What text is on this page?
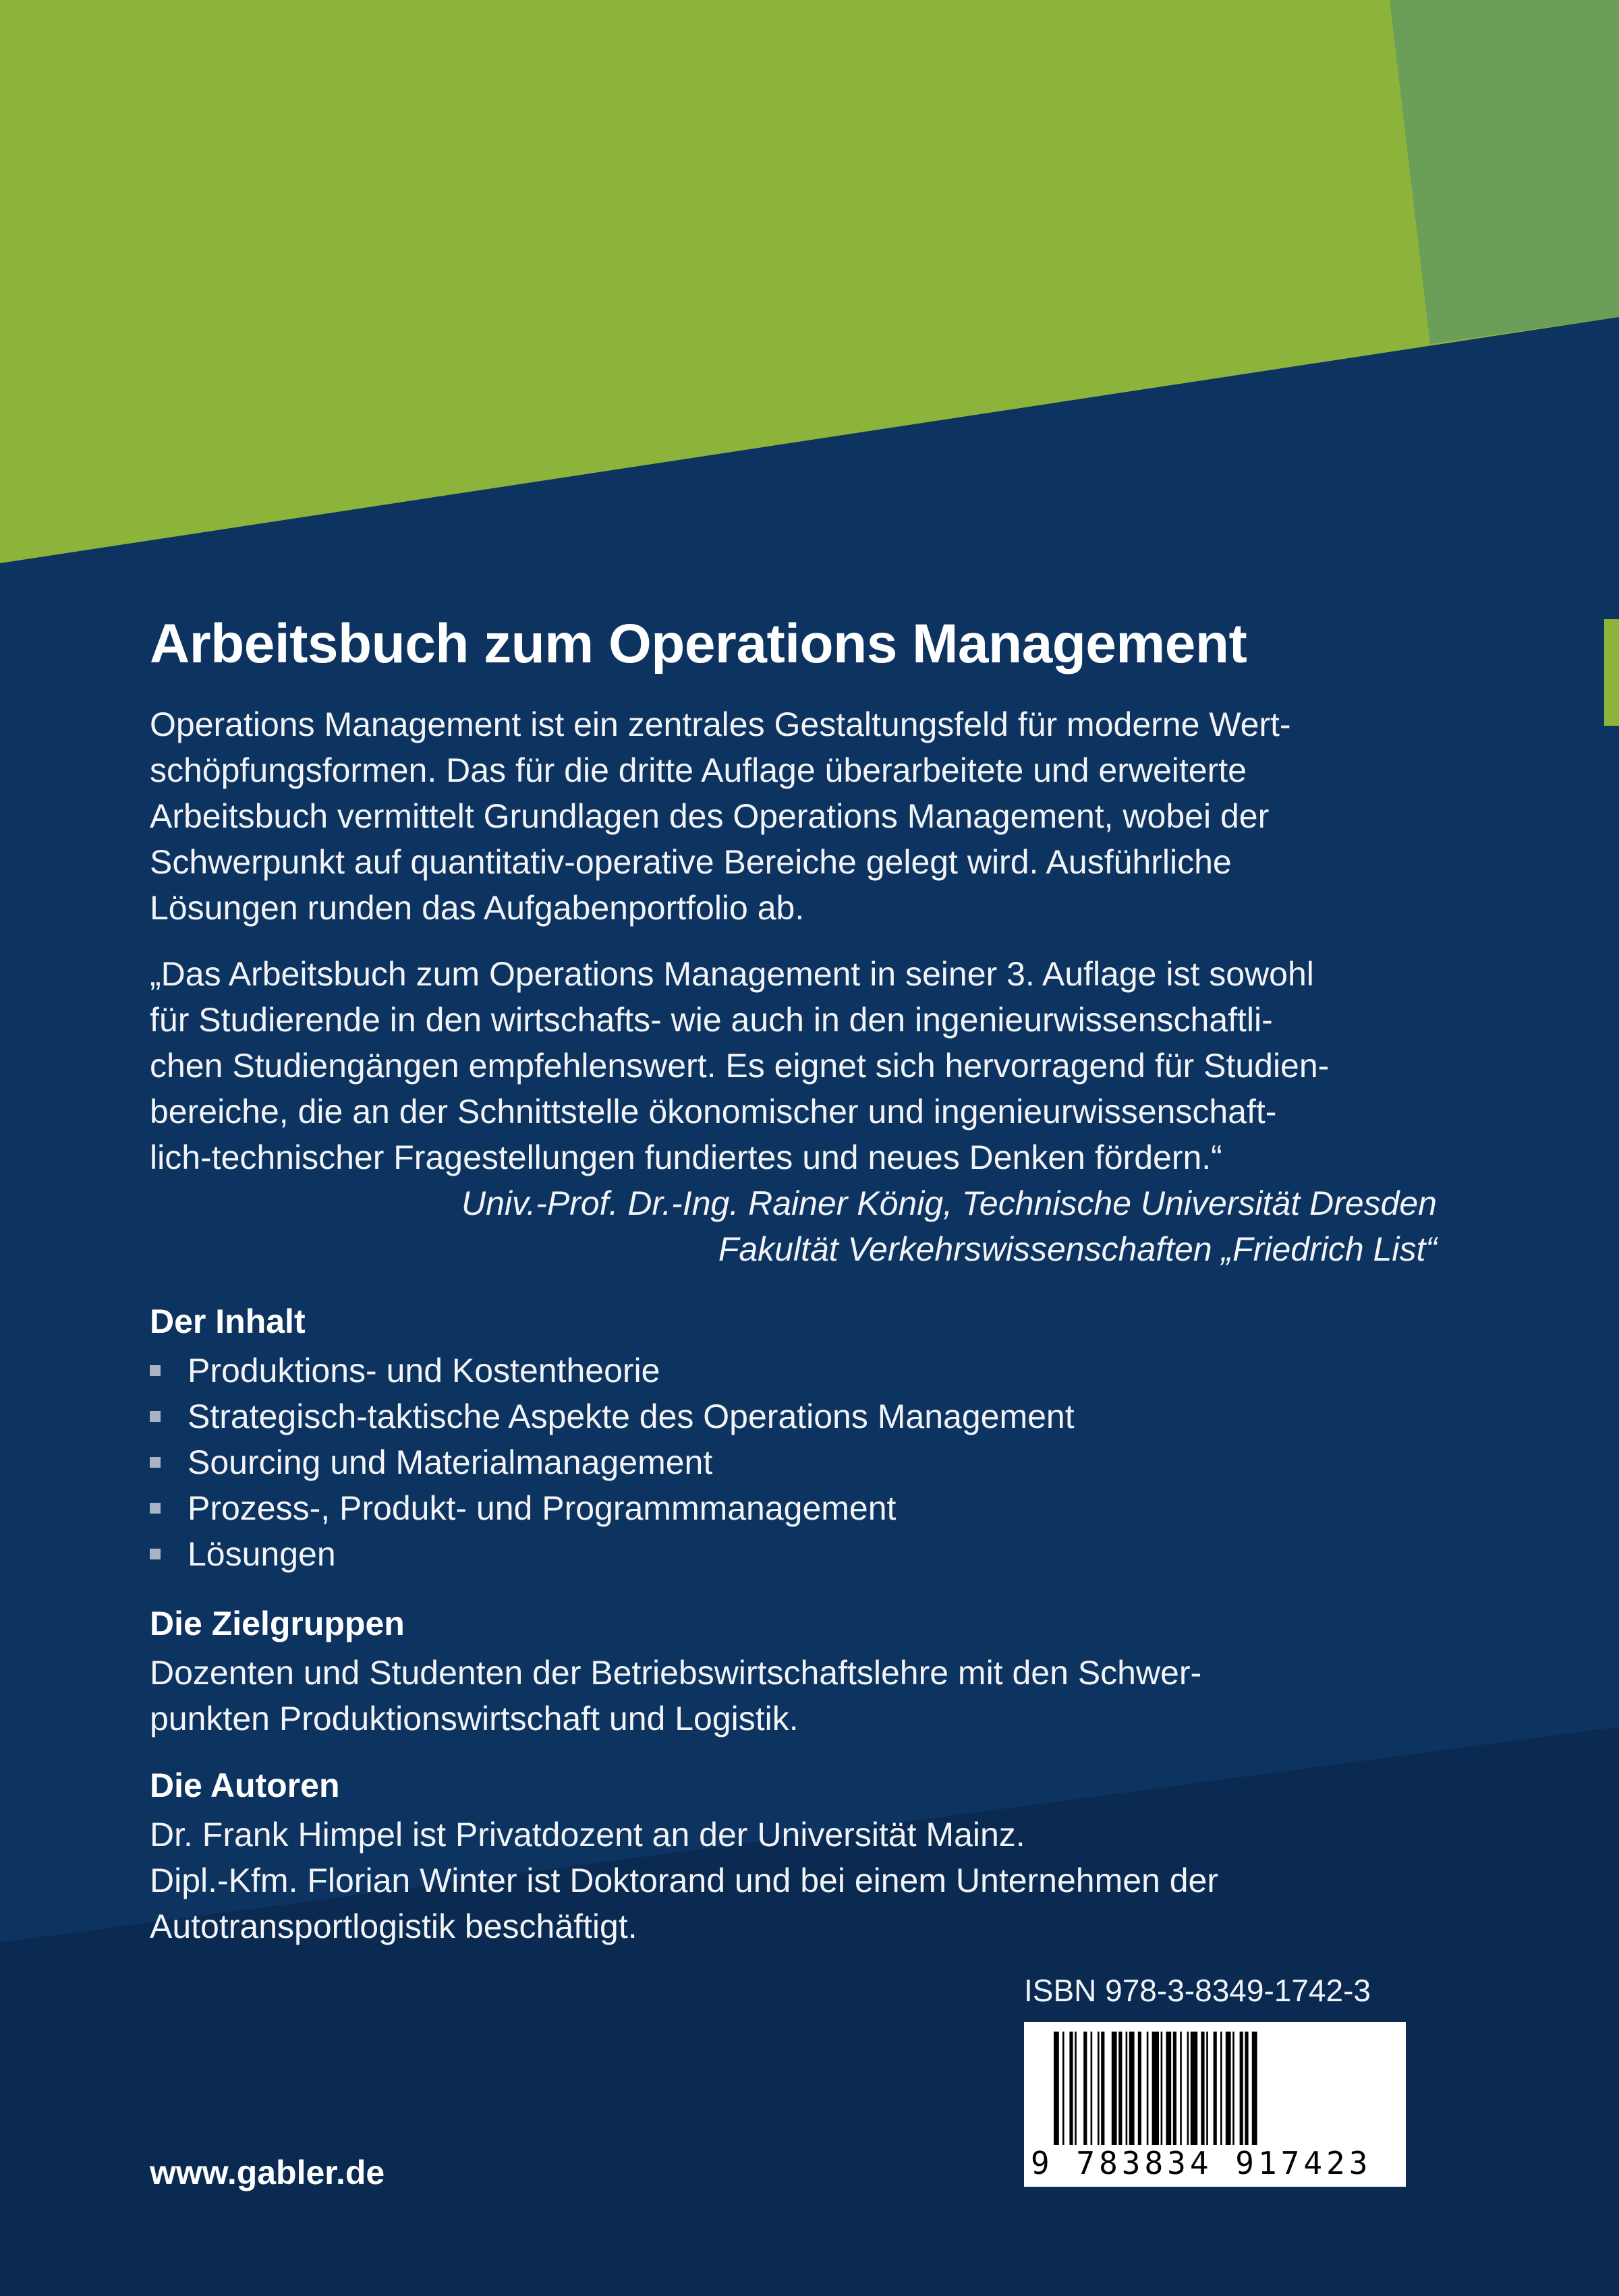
Arbeitsbuch zum Operations Management
Operations Management ist ein zentrales Gestaltungsfeld für moderne Wert-
schöpfungsformen. Das für die dritte Auflage überarbeitete und erweiterte
Arbeitsbuch vermittelt Grundlagen des Operations Management, wobei der
Schwerpunkt auf quantitativ-operative Bereiche gelegt wird. Ausführliche
Lösungen runden das Aufgabenportfolio ab.
„Das Arbeitsbuch zum Operations Management in seiner 3. Auflage ist sowohl
für Studierende in den wirtschafts- wie auch in den ingenieurwissenschaftli-
chen Studiengängen empfehlenswert. Es eignet sich hervorragend für Studien-
bereiche, die an der Schnittstelle ökonomischer und ingenieurwissenschaft-
lich-technischer Fragestellungen fundiertes und neues Denken fördern.“
Univ.-Prof. Dr.-Ing. Rainer König, Technische Universität Dresden
Fakultät Verkehrswissenschaften „Friedrich List“
Der Inhalt
Produktions- und Kostentheorie
Strategisch-taktische Aspekte des Operations Management
Sourcing und Materialmanagement
Prozess-, Produkt- und Programmmanagement
Lösungen
Die Zielgruppen
Dozenten und Studenten der Betriebswirtschaftslehre mit den Schwer-
punkten Produktionswirtschaft und Logistik.
Die Autoren
Dr. Frank Himpel ist Privatdozent an der Universität Mainz.
Dipl.-Kfm. Florian Winter ist Doktorand und bei einem Unternehmen der
Autotransportlogistik beschäftigt.
ISBN 978-3-8349-1742-3
9 783834 917423
www.gabler.de
